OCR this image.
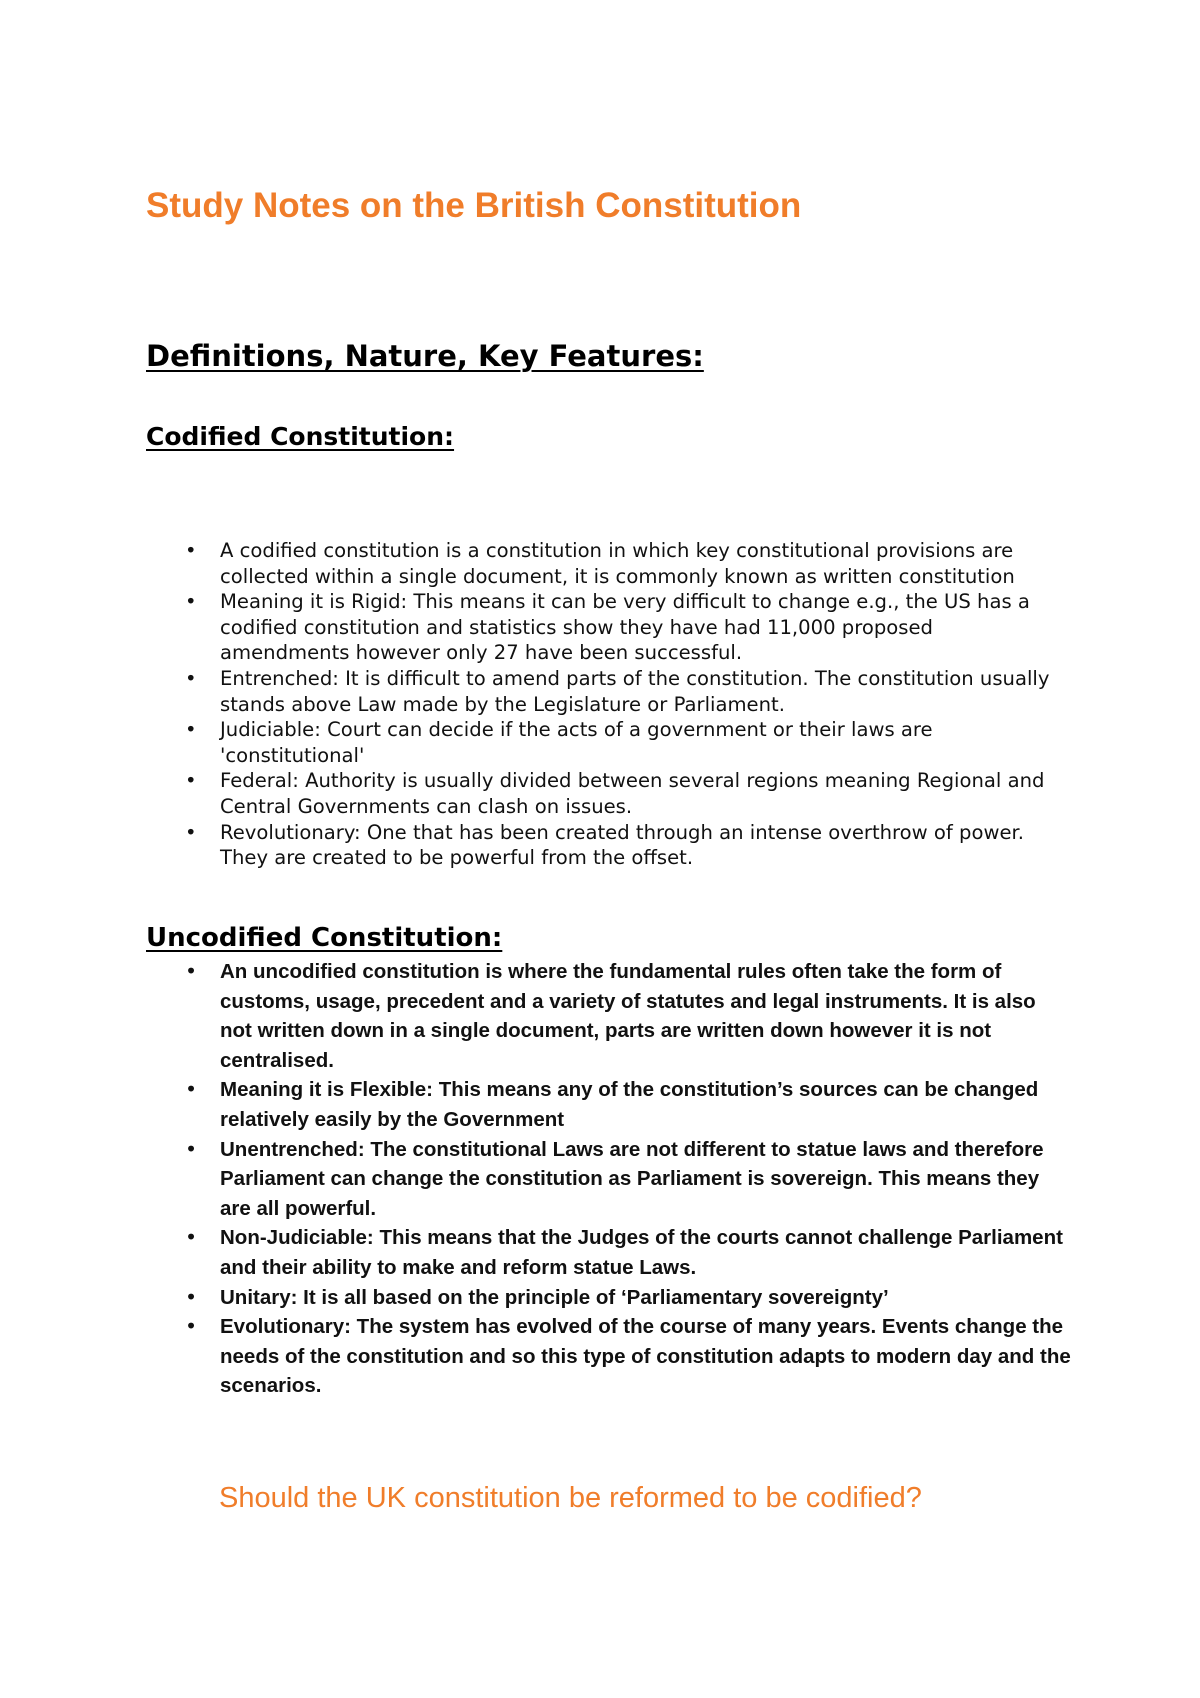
Study Notes on the British Constitution
Definitions, Nature, Key Features:
Codified Constitution:
• A codified constitution is a constitution in which key constitutional provisions are collected within a single document, it is commonly known as written constitution
• Meaning it is Rigid: This means it can be very difficult to change e.g., the US has a codified constitution and statistics show they have had 11,000 proposed amendments however only 27 have been successful.
• Entrenched: It is difficult to amend parts of the constitution. The constitution usually stands above Law made by the Legislature or Parliament.
• Judiciable: Court can decide if the acts of a government or their laws are 'constitutional'
• Federal: Authority is usually divided between several regions meaning Regional and Central Governments can clash on issues.
• Revolutionary: One that has been created through an intense overthrow of power. They are created to be powerful from the offset.
Uncodified Constitution:
• An uncodified constitution is where the fundamental rules often take the form of customs, usage, precedent and a variety of statutes and legal instruments. It is also not written down in a single document, parts are written down however it is not centralised.
• Meaning it is Flexible: This means any of the constitution’s sources can be changed relatively easily by the Government
• Unentrenched: The constitutional Laws are not different to statue laws and therefore Parliament can change the constitution as Parliament is sovereign. This means they are all powerful.
• Non-Judiciable: This means that the Judges of the courts cannot challenge Parliament and their ability to make and reform statue Laws.
• Unitary: It is all based on the principle of ‘Parliamentary sovereignty’
• Evolutionary: The system has evolved of the course of many years. Events change the needs of the constitution and so this type of constitution adapts to modern day and the scenarios.

Should the UK constitution be reformed to be codified?
